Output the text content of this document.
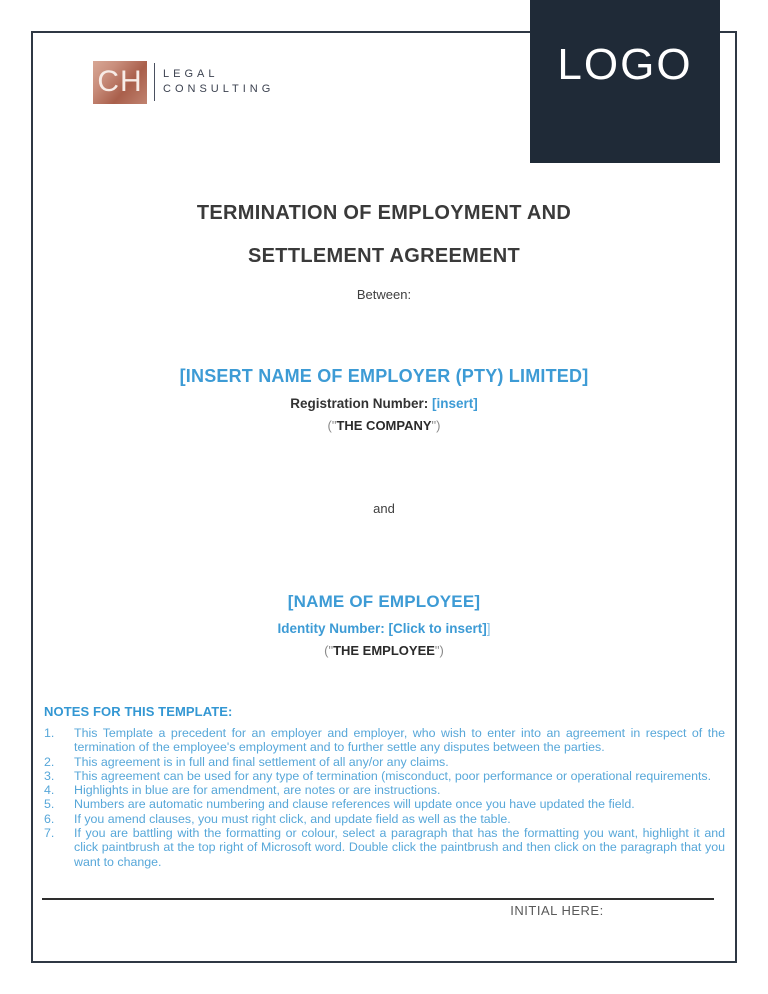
LOGO
CH LEGAL
CONSULTING
TERMINATION OF EMPLOYMENT AND
SETTLEMENT AGREEMENT
Between:
[INSERT NAME OF EMPLOYER (PTY) LIMITED]
Registration Number: [insert]
("THE COMPANY")
and
[NAME OF EMPLOYEE]
Identity Number: [Click to insert]]
("THE EMPLOYEE")
NOTES FOR THIS TEMPLATE:
1.	This Template a precedent for an employer and employer, who wish to enter into an agreement in respect of the termination of the employee's employment and to further settle any disputes between the parties.
2.	This agreement is in full and final settlement of all any/or any claims.
3.	This agreement can be used for any type of termination (misconduct, poor performance or operational requirements.
4.	Highlights in blue are for amendment, are notes or are instructions.
5.	Numbers are automatic numbering and clause references will update once you have updated the field.
6.	If you amend clauses, you must right click, and update field as well as the table.
7.	If you are battling with the formatting or colour, select a paragraph that has the formatting you want, highlight it and click paintbrush at the top right of Microsoft word. Double click the paintbrush and then click on the paragraph that you want to change.
INITIAL HERE:
